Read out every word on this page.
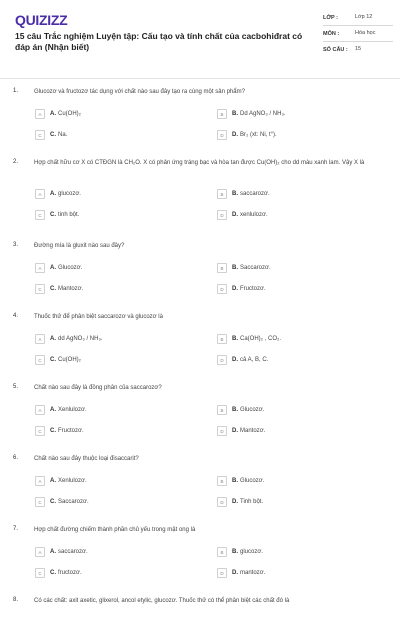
QUIZIZZ
15 câu Trắc nghiệm Luyện tập: Cấu tạo và tính chất của cacbohiđrat có đáp án (Nhận biết)
LỚP :	Lớp 12
MÔN :	Hóa học
SỐ CÂU :	15
1.	Glucozơ và fructozơ tác dụng với chất nào sau đây tạo ra cùng một sản phẩm?
A	A. Cu(OH)₂	B	B. Dd AgNO₃ / NH₃.
C	C. Na.	D	D. Br₂ (xt: Ni, t°).
2.	Hợp chất hữu cơ X có CTĐGN là CH₂O. X có phản ứng tráng bạc và hòa tan được Cu(OH)₂ cho dd màu xanh lam. Vậy X là
A	A. glucozơ.	B	B. saccarozơ.
C	C. tinh bột.	D	D. xenlulozơ.
3.	Đường mía là gluxit nào sau đây?
A	A. Glucozơ.	B	B. Saccarozơ.
C	C. Mantozơ.	D	D. Fructozơ.
4.	Thuốc thử để phân biệt saccarozơ và glucozơ là
A	A. dd AgNO₃ / NH₃.	B	B. Ca(OH)₂ , CO₂.
C	C. Cu(OH)₂	D	D. cả A, B, C.
5.	Chất nào sau đây là đồng phân của saccarozơ?
A	A. Xenlulozơ.	B	B. Glucozơ.
C	C. Fructozơ.	D	D. Mantozơ.
6.	Chất nào sau đây thuộc loại đisaccarit?
A	A. Xenlulozơ.	B	B. Glucozơ.
C	C. Saccarozơ.	D	D. Tinh bột.
7.	Hợp chất đường chiếm thành phần chủ yếu trong mật ong là
A	A. saccarozơ.	B	B. glucozơ.
C	C. fructozơ.	D	D. mantozơ.
8.	Có các chất: axit axetic, glixerol, ancol etylic, glucozơ. Thuốc thử có thể phân biệt các chất đó là
